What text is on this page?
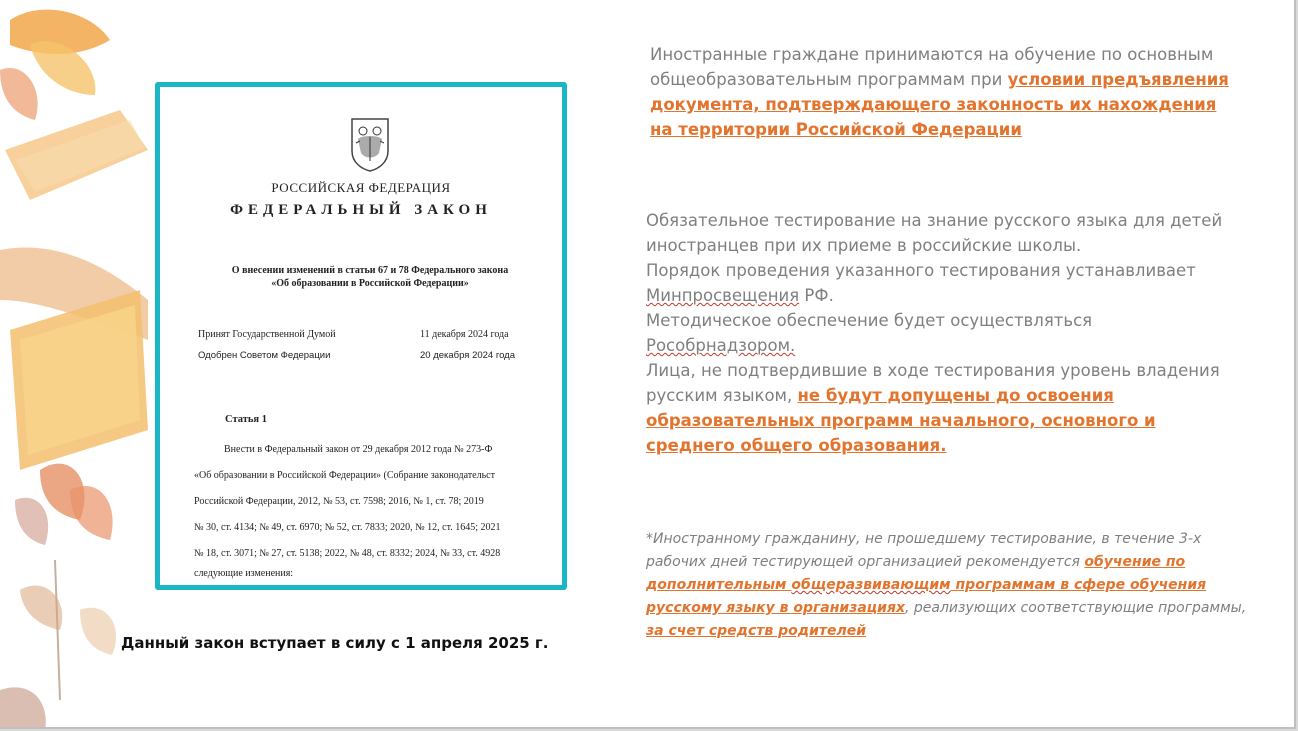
РОССИЙСКАЯ ФЕДЕРАЦИЯ
ФЕДЕРАЛЬНЫЙ ЗАКОН
О внесении изменений в статьи 67 и 78 Федерального закона
«Об образовании в Российской Федерации»
Принят Государственной Думой	11 декабря 2024 года
Одобрен Советом Федерации	20 декабря 2024 года
Статья 1
Внести в Федеральный закон от 29 декабря 2012 года № 273-Ф
«Об образовании в Российской Федерации» (Собрание законодательст
Российской Федерации, 2012, № 53, ст. 7598; 2016, № 1, ст. 78; 2019
№ 30, ст. 4134; № 49, ст. 6970; № 52, ст. 7833; 2020, № 12, ст. 1645; 2021
№ 18, ст. 3071; № 27, ст. 5138; 2022, № 48, ст. 8332; 2024, № 33, ст. 4928
следующие изменения:
Иностранные граждане принимаются на обучение по основным общеобразовательным программам при условии предъявления документа, подтверждающего законность их нахождения на территории Российской Федерации
Обязательное тестирование на знание русского языка для детей иностранцев при их приеме в российские школы.
Порядок проведения указанного тестирования устанавливает Минпросвещения РФ.
Методическое обеспечение будет осуществляться Рособрнадзором.
Лица, не подтвердившие в ходе тестирования уровень владения русским языком, не будут допущены до освоения образовательных программ начального, основного и среднего общего образования.
*Иностранному гражданину, не прошедшему тестирование, в течение 3-х рабочих дней тестирующей организацией рекомендуется обучение по дополнительным общеразвивающим программам в сфере обучения русскому языку в организациях, реализующих соответствующие программы, за счет средств родителей
Данный закон вступает в силу с 1 апреля 2025 г.
